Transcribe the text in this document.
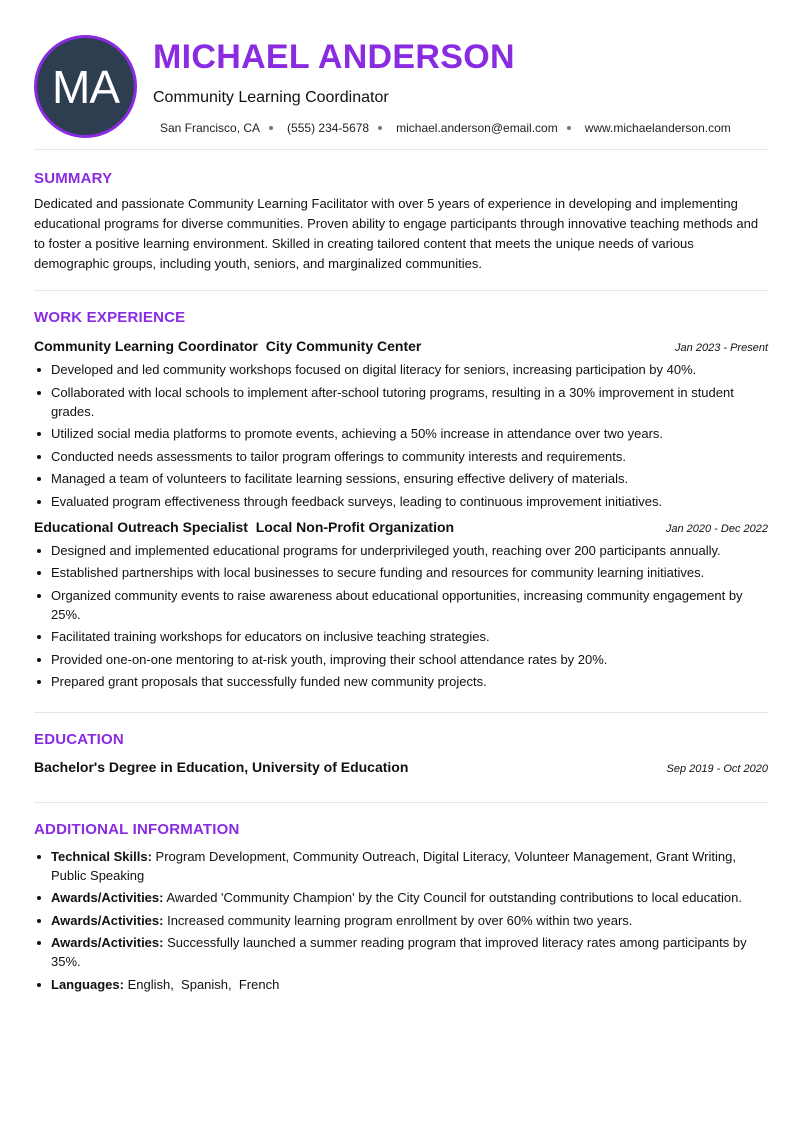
MA
MICHAEL ANDERSON
Community Learning Coordinator
San Francisco, CA (555) 234-5678 michael.anderson@email.com www.michaelanderson.com
SUMMARY

Dedicated and passionate Community Learning Facilitator with over 5 years of experience in developing and implementing educational programs for diverse communities. Proven ability to engage participants through innovative teaching methods and to foster a positive learning environment. Skilled in creating tailored content that meets the unique needs of various demographic groups, including youth, seniors, and marginalized communities.

WORK EXPERIENCE
Community Learning Coordinator  City Community Center	Jan 2023 - Present
Developed and led community workshops focused on digital literacy for seniors, increasing participation by 40%.
Collaborated with local schools to implement after-school tutoring programs, resulting in a 30% improvement in student grades.
Utilized social media platforms to promote events, achieving a 50% increase in attendance over two years.
Conducted needs assessments to tailor program offerings to community interests and requirements.
Managed a team of volunteers to facilitate learning sessions, ensuring effective delivery of materials.
Evaluated program effectiveness through feedback surveys, leading to continuous improvement initiatives.
Educational Outreach Specialist  Local Non-Profit Organization	Jan 2020 - Dec 2022
Designed and implemented educational programs for underprivileged youth, reaching over 200 participants annually.
Established partnerships with local businesses to secure funding and resources for community learning initiatives.
Organized community events to raise awareness about educational opportunities, increasing community engagement by 25%.
Facilitated training workshops for educators on inclusive teaching strategies.
Provided one-on-one mentoring to at-risk youth, improving their school attendance rates by 20%.
Prepared grant proposals that successfully funded new community projects.
EDUCATION
Bachelor's Degree in Education, University of Education	Sep 2019 - Oct 2020
ADDITIONAL INFORMATION
Technical Skills: Program Development, Community Outreach, Digital Literacy, Volunteer Management, Grant Writing, Public Speaking
Awards/Activities: Awarded 'Community Champion' by the City Council for outstanding contributions to local education.
Awards/Activities: Increased community learning program enrollment by over 60% within two years.
Awards/Activities: Successfully launched a summer reading program that improved literacy rates among participants by 35%.
Languages: English,  Spanish,  French
